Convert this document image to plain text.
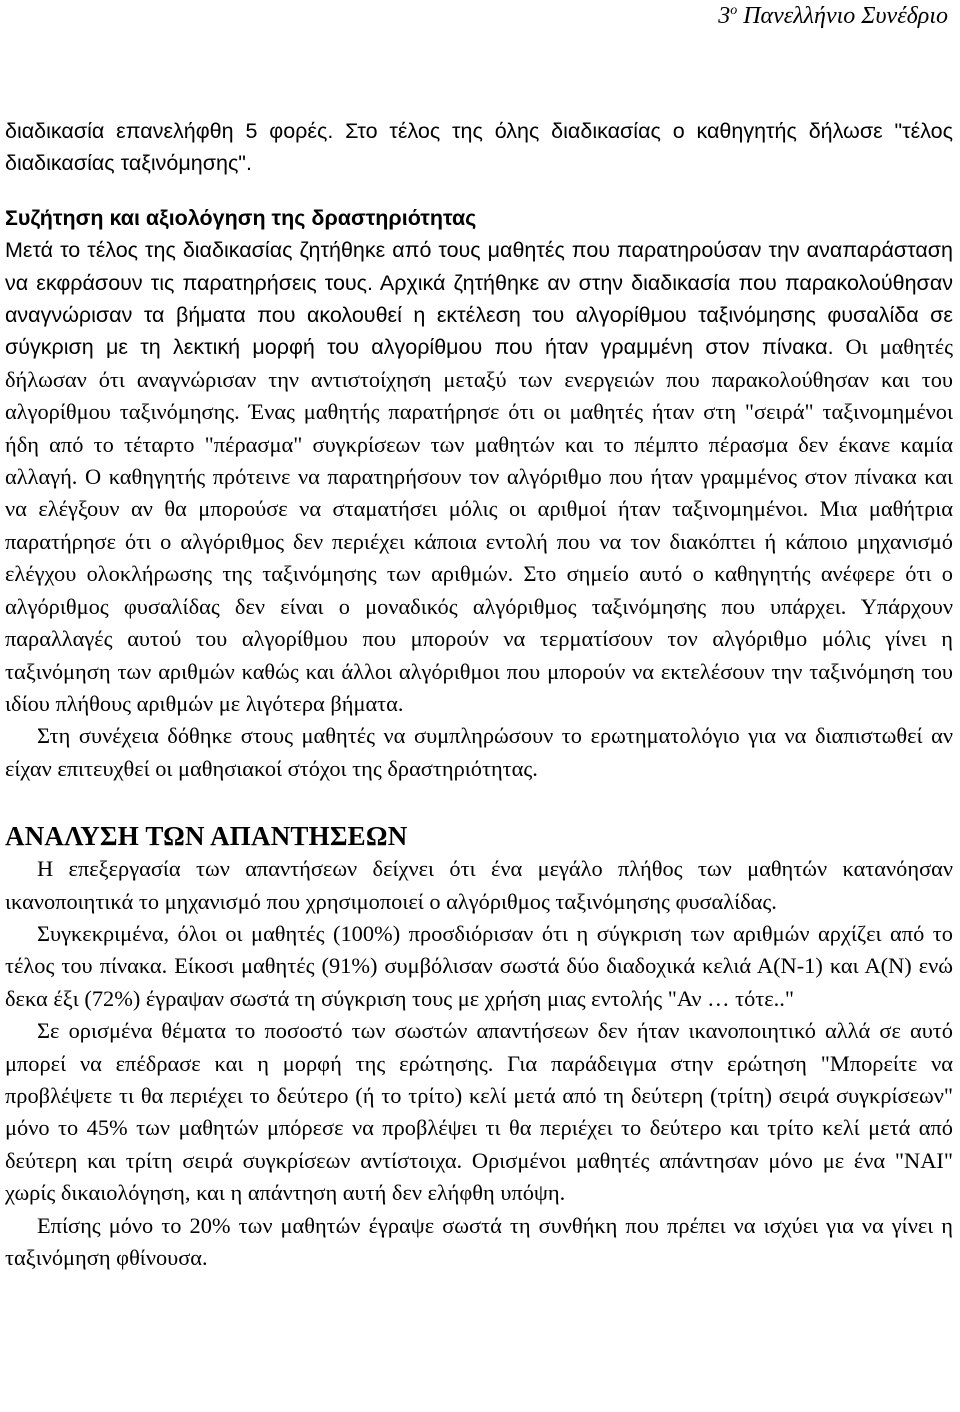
$3^o$ Πανελλήνιο Συνέδριο

διαδικασία επανελήφθη 5 φορές. Στο τέλος της όλης διαδικασίας ο καθηγητής δήλωσε "τέλος διαδικασίας ταξινόμησης".

Συζήτηση και αξιολόγηση της δραστηριότητας

Μετά το τέλος της διαδικασίας ζητήθηκε από τους μαθητές που παρατηρούσαν την αναπαράσταση να εκφράσουν τις παρατηρήσεις τους. Αρχικά ζητήθηκε αν στην διαδικασία που παρακολούθησαν αναγνώρισαν τα βήματα που ακολουθεί η εκτέλεση του αλγορίθμου ταξινόμησης φυσαλίδα σε σύγκριση με τη λεκτική μορφή του αλγορίθμου που ήταν γραμμένη στον πίνακα. Οι μαθητές δήλωσαν ότι αναγνώρισαν την αντιστοίχηση μεταξύ των ενεργειών που παρακολούθησαν και του αλγορίθμου ταξινόμησης. Ένας μαθητής παρατήρησε ότι οι μαθητές ήταν στη "σειρά" ταξινομημένοι ήδη από το τέταρτο "πέρασμα" συγκρίσεων των μαθητών και το πέμπτο πέρασμα δεν έκανε καμία αλλαγή. Ο καθηγητής πρότεινε να παρατηρήσουν τον αλγόριθμο που ήταν γραμμένος στον πίνακα και να ελέγξουν αν θα μπορούσε να σταματήσει μόλις οι αριθμοί ήταν ταξινομημένοι. Μια μαθήτρια παρατήρησε ότι ο αλγόριθμος δεν περιέχει κάποια εντολή που να τον διακόπτει ή κάποιο μηχανισμό ελέγχου ολοκλήρωσης της ταξινόμησης των αριθμών. Στο σημείο αυτό ο καθηγητής ανέφερε ότι ο αλγόριθμος φυσαλίδας δεν είναι ο μοναδικός αλγόριθμος ταξινόμησης που υπάρχει. Υπάρχουν παραλλαγές αυτού του αλγορίθμου που μπορούν να τερματίσουν τον αλγόριθμο μόλις γίνει η ταξινόμηση των αριθμών καθώς και άλλοι αλγόριθμοι που μπορούν να εκτελέσουν την ταξινόμηση του ιδίου πλήθους αριθμών με λιγότερα βήματα.

Στη συνέχεια δόθηκε στους μαθητές να συμπληρώσουν το ερωτηματολόγιο για να διαπιστωθεί αν είχαν επιτευχθεί οι μαθησιακοί στόχοι της δραστηριότητας.

ΑΝΑΛΥΣΗ ΤΩΝ ΑΠΑΝΤΗΣΕΩΝ

Η επεξεργασία των απαντήσεων δείχνει ότι ένα μεγάλο πλήθος των μαθητών κατανόησαν ικανοποιητικά το μηχανισμό που χρησιμοποιεί ο αλγόριθμος ταξινόμησης φυσαλίδας.

Συγκεκριμένα, όλοι οι μαθητές (100%) προσδιόρισαν ότι η σύγκριση των αριθμών αρχίζει από το τέλος του πίνακα. Είκοσι μαθητές (91%) συμβόλισαν σωστά δύο διαδοχικά κελιά Α(Ν-1) και Α(Ν) ενώ δεκα έξι (72%) έγραψαν σωστά τη σύγκριση τους με χρήση μιας εντολής "Αν … τότε.."

Σε ορισμένα θέματα το ποσοστό των σωστών απαντήσεων δεν ήταν ικανοποιητικό αλλά σε αυτό μπορεί να επέδρασε και η μορφή της ερώτησης. Για παράδειγμα στην ερώτηση "Μπορείτε να προβλέψετε τι θα περιέχει το δεύτερο (ή το τρίτο) κελί μετά από τη δεύτερη (τρίτη) σειρά συγκρίσεων" μόνο το 45% των μαθητών μπόρεσε να προβλέψει τι θα περιέχει το δεύτερο και τρίτο κελί μετά από δεύτερη και τρίτη σειρά συγκρίσεων αντίστοιχα. Ορισμένοι μαθητές απάντησαν μόνο με ένα "ΝΑΙ" χωρίς δικαιολόγηση, και η απάντηση αυτή δεν ελήφθη υπόψη.

Επίσης μόνο το 20% των μαθητών έγραψε σωστά τη συνθήκη που πρέπει να ισχύει για να γίνει η ταξινόμηση φθίνουσα.
